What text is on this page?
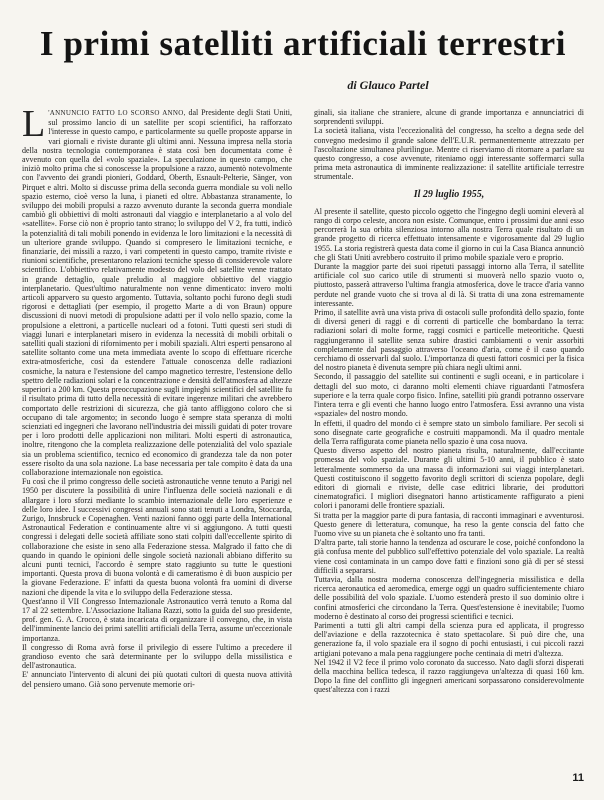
I primi satelliti artificiali terrestri
di Glauco Partel

L 'ANNUNCIO FATTO LO SCORSO ANNO, dal Presidente degli Stati Uniti, sul prossimo lancio di un satellite per scopi scientifici, ha rafforzato l'interesse in questo campo, e particolarmente su quelle proposte apparse in vari giornali e riviste durante gli ultimi anni. Nessuna impresa nella storia della nostra tecnologia contemporanea è stata così ben documentata come è avvenuto con quella del «volo spaziale». La speculazione in questo campo, che iniziò molto prima che si conoscesse la propulsione a razzo, aumentò notevolmente con l'avvento dei grandi pionieri, Goddard, Oberth, Esnault-Pelterie, Sänger, von Pirquet e altri. Molto si discusse prima della seconda guerra mondiale su voli nello spazio esterno, cioè verso la luna, i pianeti ed oltre. Abbastanza stranamente, lo sviluppo dei mobili propulsi a razzo avvenuto durante la seconda guerra mondiale cambiò gli obbiettivi di molti astronauti dal viaggio e interplanetario a al volo del «satellite». Forse ciò non è proprio tanto strano; lo sviluppo del V 2, fra tutti, indicò la potenzialità di tali mobili ponendo in evidenza le loro limitazioni e la necessità di un ulteriore grande sviluppo. Quando si compresero le limitazioni tecniche, e finanziarie, dei missili a razzo, i vari competenti in questo campo, tramite riviste e riunioni scientifiche, presentarono relazioni tecniche spesso di considerevole valore scientifico. L'obbiettivo relativamente modesto del volo del satellite venne trattato in grande dettaglio, quale preludio al maggiore obbiettivo del viaggio interplanetario. Quest'ultimo naturalmente non venne dimenticato: invero molti articoli apparvero su questo argomento. Tuttavia, soltanto pochi furono degli studi rigorosi e dettagliati (per esempio, il progetto Marte a di von Braun) oppure discussioni di nuovi metodi di propulsione adatti per il volo nello spazio, come la propulsione a elettroni, a particelle nucleari od a fotoni. Tutti questi seri studi di viaggi lunari e interplanetari misero in evidenza la necessità di mobili orbitali o satelliti quali stazioni di rifornimento per i mobili spaziali. Altri esperti pensarono al satellite soltanto come una meta immediata avente lo scopo di effettuare ricerche extra-atmosferiche, così da estendere l'attuale conoscenza delle radiazioni cosmiche, la natura e l'estensione del campo magnetico terrestre, l'estensione dello spettro delle radiazioni solari e la concentrazione e densità dell'atmosfera ad altezze superiori a 200 km. Questa preoccupazione sugli impieghi scientifici del satellite fu il risultato prima di tutto della necessità di evitare ingerenze militari che avrebbero comportato delle restrizioni di sicurezza, che già tanto affliggono coloro che si occupano di tale argomento; in secondo luogo è sempre stata speranza di molti scienziati ed ingegneri che lavorano nell'industria dei missili guidati di poter trovare per i loro prodotti delle applicazioni non militari. Molti esperti di astronautica, inoltre, ritengono che la completa realizzazione delle potenzialità del volo spaziale sia un problema scientifico, tecnico ed economico di grandezza tale da non poter essere risolto da una sola nazione. La base necessaria per tale compito è data da una collaborazione internazionale non egoistica.

Fu così che il primo congresso delle società astronautiche venne tenuto a Parigi nel 1950 per discutere la possibilità di unire l'influenza delle società nazionali e di allargare i loro sforzi mediante lo scambio internazionale delle loro esperienze e delle loro idee. I successivi congressi annuali sono stati tenuti a Londra, Stoccarda, Zurigo, Innsbruck e Copenaghen. Venti nazioni fanno oggi parte della International Astronautical Federation e continuamente altre vi si aggiungono. A tutti questi congressi i delegati delle società affiliate sono stati colpiti dall'eccellente spirito di collaborazione che esiste in seno alla Federazione stessa. Malgrado il fatto che di quando in quando le opinioni delle singole società nazionali abbiano differito su alcuni punti tecnici, l'accordo è sempre stato raggiunto su tutte le questioni importanti. Questa prova di buona volontà e di cameratismo è di buon auspicio per la giovane Federazione. E' infatti da questa buona volontà fra uomini di diverse nazioni che dipende la vita e lo sviluppo della Federazione stessa.

Quest'anno il VII Congresso Internazionale Astronautico verrà tenuto a Roma dal 17 al 22 settembre. L'Associazione Italiana Razzi, sotto la guida del suo presidente, prof. gen. G. A. Crocco, è stata incaricata di organizzare il convegno, che, in vista dell'imminente lancio dei primi satelliti artificiali della Terra, assume un'eccezionale importanza.

Il congresso di Roma avrà forse il privilegio di essere l'ultimo a precedere il grandioso evento che sarà determinante per lo sviluppo della missilistica e dell'astronautica.

E' annunciato l'intervento di alcuni dei più quotati cultori di questa nuova attività del pensiero umano. Già sono pervenute memorie ori-

ginali, sia italiane che straniere, alcune di grande importanza e annunciatrici di sorprendenti sviluppi.

La società italiana, vista l'eccezionalità del congresso, ha scelto a degna sede del convegno medesimo il grande salone dell'E.U.R. permanentemente attrezzato per l'ascoltazione simultanea plurilingue. Mentre ci riserviamo di ritornare a parlare su questo congresso, a cose avvenute, riteniamo oggi interessante soffermarci sulla prima meta astronautica di imminente realizzazione: il satellite artificiale terrestre strumentale.

Il 29 luglio 1955,

Al presente il satellite, questo piccolo oggetto che l'ingegno degli uomini eleverà al rango di corpo celeste, ancora non esiste. Comunque, entro i prossimi due anni esso percorrerà la sua orbita silenziosa intorno alla nostra Terra quale risultato di un grande progetto di ricerca effettuato intensamente e vigorosamente dal 29 luglio 1955. La storia registrerà questa data come il giorno in cui la Casa Bianca annunciò che gli Stati Uniti avrebbero costruito il primo mobile spaziale vero e proprio.

Durante la maggior parte dei suoi ripetuti passaggi intorno alla Terra, il satellite artificiale col suo carico utile di strumenti si muoverà nello spazio vuoto o, piuttosto, passerà attraverso l'ultima frangia atmosferica, dove le tracce d'aria vanno perdute nel grande vuoto che si trova al di là. Si tratta di una zona estremamente interessante.

Primo, il satellite avrà una vista priva di ostacoli sulle profondità dello spazio, fonte di diversi generi di raggi e di correnti di particelle che bombardano la terra: radiazioni solari di molte forme, raggi cosmici e particelle meteoritiche. Questi raggiungeranno il satellite senza subire drastici cambiamenti o venir assorbiti completamente dal passaggio attraverso l'oceano d'aria, come è il caso quando cerchiamo di osservarli dal suolo. L'importanza di questi fattori cosmici per la fisica del nostro pianeta è divenuta sempre più chiara negli ultimi anni.

Secondo, il passaggio del satellite sui continenti e sugli oceani, e in particolare i dettagli del suo moto, ci daranno molti elementi chiave riguardanti l'atmosfera superiore e la terra quale corpo fisico. Infine, satelliti più grandi potranno osservare l'intera terra e gli eventi che hanno luogo entro l'atmosfera. Essi avranno una vista «spaziale» del nostro mondo.

In effetti, il quadro del mondo ci è sempre stato un simbolo familiare. Per secoli si sono disegnate carte geografiche e costruiti mappamondi. Ma il quadro mentale della Terra raffigurata come pianeta nello spazio è una cosa nuova.

Questo diverso aspetto del nostro pianeta risulta, naturalmente, dall'eccitante promessa del volo spaziale. Durante gli ultimi 5-10 anni, il pubblico è stato letteralmente sommerso da una massa di informazioni sui viaggi interplanetari. Questi costituiscono il soggetto favorito degli scrittori di scienza popolare, degli editori di giornali e riviste, delle case editrici librarie, dei produttori cinematografici. I migliori disegnatori hanno artisticamente raffigurato a pieni colori i panorami delle frontiere spaziali.

Si tratta per la maggior parte di pura fantasia, di racconti immaginari e avventurosi. Questo genere di letteratura, comunque, ha reso la gente conscia del fatto che l'uomo vive su un pianeta che è soltanto uno fra tanti.

D'altra parte, tali storie hanno la tendenza ad oscurare le cose, poiché confondono la già confusa mente del pubblico sull'effettivo potenziale del volo spaziale. La realtà viene così contaminata in un campo dove fatti e finzioni sono già di per sé stessi difficili a separarsi.

Tuttavia, dalla nostra moderna conoscenza dell'ingegneria missilistica e della ricerca aeronautica ed aeromedica, emerge oggi un quadro sufficientemente chiaro delle possibilità del volo spaziale. L'uomo estenderà presto il suo dominio oltre i confini atmosferici che circondano la Terra. Quest'estensione è inevitabile; l'uomo moderno è destinato al corso dei progressi scientifici e tecnici.

Parimenti a tutti gli altri campi della scienza pura ed applicata, il progresso dell'aviazione e della razzotecnica è stato spettacolare. Si può dire che, una generazione fa, il volo spaziale era il sogno di pochi entusiasti, i cui piccoli razzi artigiani potevano a mala pena raggiungere poche centinaia di metri d'altezza.

Nel 1942 il V2 fece il primo volo coronato da successo. Nato dagli sforzi disperati della macchina bellica tedesca, il razzo raggiungeva un'altezza di quasi 160 km. Dopo la fine del conflitto gli ingegneri americani sorpassarono considerevolmente quest'altezza con i razzi

11
